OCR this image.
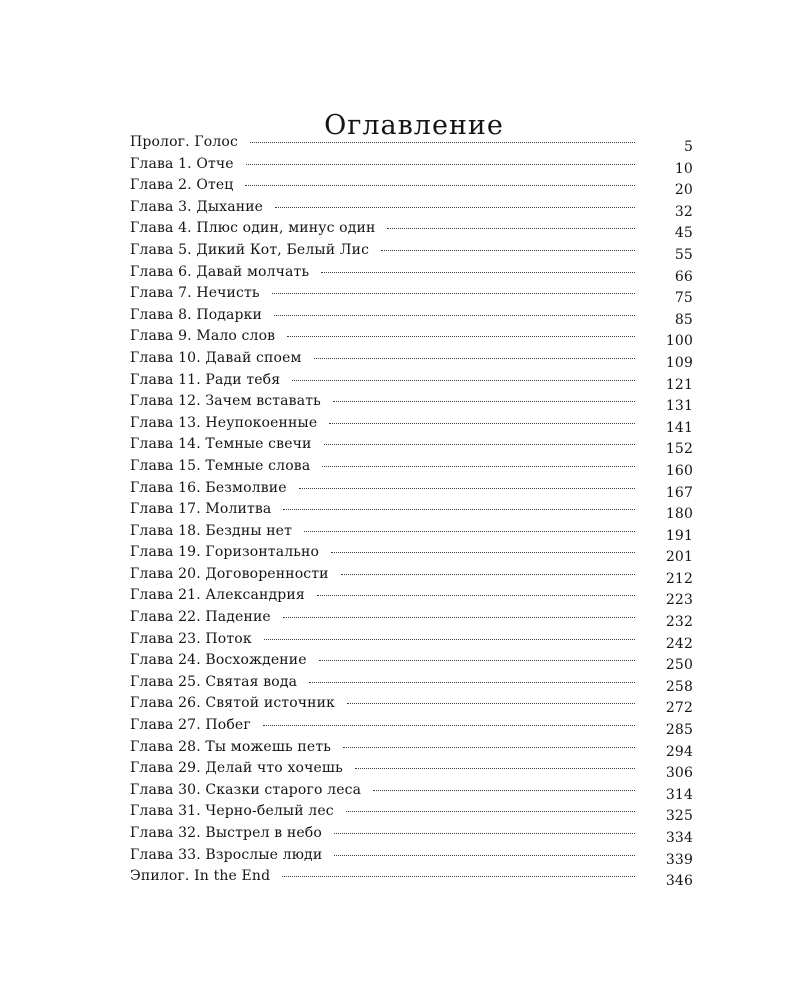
Оглавление
Пролог. Голос	5
Глава 1. Отче	10
Глава 2. Отец	20
Глава 3. Дыхание	32
Глава 4. Плюс один, минус один	45
Глава 5. Дикий Кот, Белый Лис	55
Глава 6. Давай молчать	66
Глава 7. Нечисть	75
Глава 8. Подарки	85
Глава 9. Мало слов	100
Глава 10. Давай споем	109
Глава 11. Ради тебя	121
Глава 12. Зачем вставать	131
Глава 13. Неупокоенные	141
Глава 14. Темные свечи	152
Глава 15. Темные слова	160
Глава 16. Безмолвие	167
Глава 17. Молитва	180
Глава 18. Бездны нет	191
Глава 19. Горизонтально	201
Глава 20. Договоренности	212
Глава 21. Александрия	223
Глава 22. Падение	232
Глава 23. Поток	242
Глава 24. Восхождение	250
Глава 25. Святая вода	258
Глава 26. Святой источник	272
Глава 27. Побег	285
Глава 28. Ты можешь петь	294
Глава 29. Делай что хочешь	306
Глава 30. Сказки старого леса	314
Глава 31. Черно-белый лес	325
Глава 32. Выстрел в небо	334
Глава 33. Взрослые люди	339
Эпилог. In the End	346
